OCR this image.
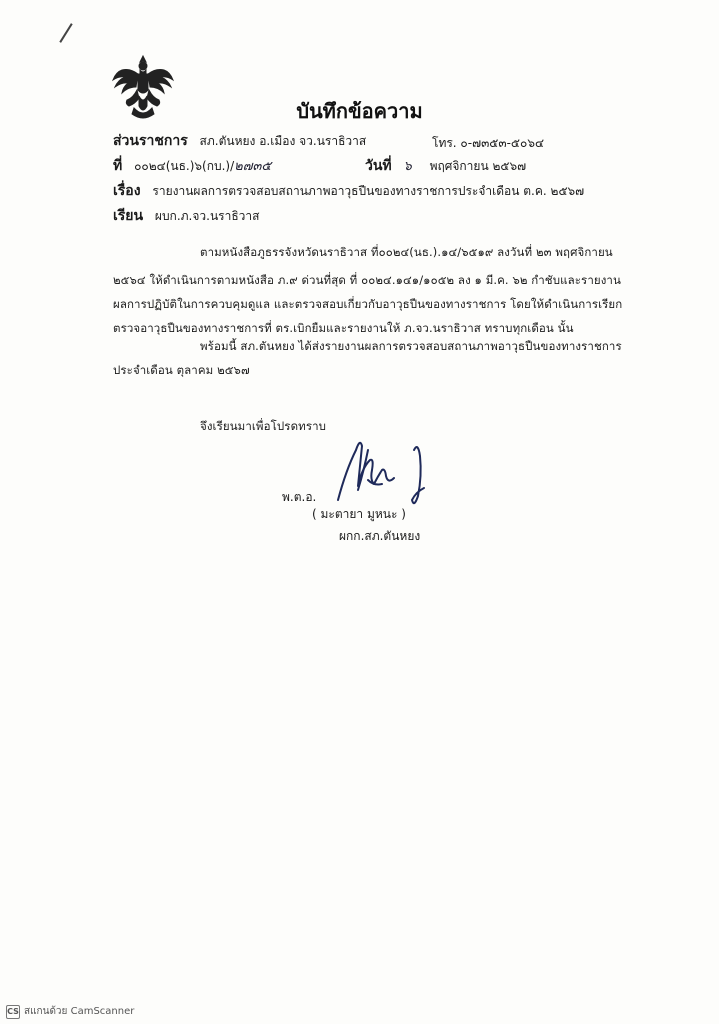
บันทึกข้อความ
ส่วนราชการ สภ.ตันหยง อ.เมือง จว.นราธิวาส	โทร. ๐-๗๓๕๓-๕๐๖๔
ที่ ๐๐๒๔(นธ.)๖(กบ.)/๒๗๓๕	วันที่ ๖ พฤศจิกายน ๒๕๖๗
เรื่อง รายงานผลการตรวจสอบสถานภาพอาวุธปืนของทางราชการประจำเดือน ต.ค. ๒๕๖๗
เรียน ผบก.ภ.จว.นราธิวาส
ตามหนังสือภูธรรจังหวัดนราธิวาส ที่๐๐๒๔(นธ.).๑๔/๖๕๑๙ ลงวันที่ ๒๓ พฤศจิกายน
๒๕๖๔ ให้ดำเนินการตามหนังสือ ภ.๙ ด่วนที่สุด ที่ ๐๐๒๔.๑๔๑/๑๐๕๒ ลง ๑ มี.ค. ๖๒ กำชับและรายงาน
ผลการปฏิบัติในการควบคุมดูแล และตรวจสอบเกี่ยวกับอาวุธปืนของทางราชการ โดยให้ดำเนินการเรียก
ตรวจอาวุธปืนของทางราชการที่ ตร.เบิกยืมและรายงานให้ ภ.จว.นราธิวาส ทราบทุกเดือน นั้น
พร้อมนี้ สภ.ตันหยง ได้ส่งรายงานผลการตรวจสอบสถานภาพอาวุธปืนของทางราชการ
ประจำเดือน ตุลาคม ๒๕๖๗
จึงเรียนมาเพื่อโปรดทราบ
พ.ต.อ.
( มะตายา มูหนะ )
ผกก.สภ.ตันหยง
CS สแกนด้วย CamScanner
